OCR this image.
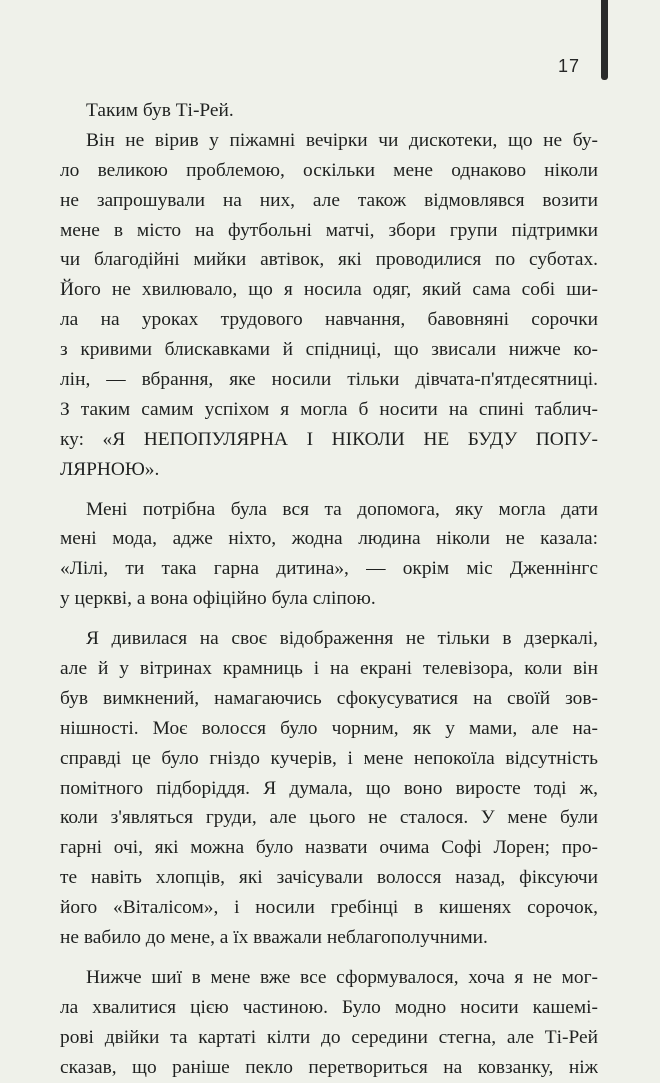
17
Таким був Ті-Рей.
Він не вірив у піжамні вечірки чи дискотеки, що не бу-
ло великою проблемою, оскільки мене однаково ніколи
не запрошували на них, але також відмовлявся возити
мене в місто на футбольні матчі, збори групи підтримки
чи благодійні мийки автівок, які проводилися по суботах.
Його не хвилювало, що я носила одяг, який сама собі ши-
ла на уроках трудового навчання, бавовняні сорочки
з кривими блискавками й спідниці, що звисали нижче ко-
лін, — вбрання, яке носили тільки дівчата-п'ятдесятниці.
З таким самим успіхом я могла б носити на спині таблич-
ку: «Я НЕПОПУЛЯРНА І НІКОЛИ НЕ БУДУ ПОПУ-
ЛЯРНОЮ».
Мені потрібна була вся та допомога, яку могла дати
мені мода, адже ніхто, жодна людина ніколи не казала:
«Лілі, ти така гарна дитина», — окрім міс Дженнінгс
у церкві, а вона офіційно була сліпою.
Я дивилася на своє відображення не тільки в дзеркалі,
але й у вітринах крамниць і на екрані телевізора, коли він
був вимкнений, намагаючись сфокусуватися на своїй зов-
нішності. Моє волосся було чорним, як у мами, але на-
справді це було гніздо кучерів, і мене непокоїла відсутність
помітного підборіддя. Я думала, що воно виросте тоді ж,
коли з'являться груди, але цього не сталося. У мене були
гарні очі, які можна було назвати очима Софі Лорен; про-
те навіть хлопців, які зачісували волосся назад, фіксуючи
його «Віталісом», і носили гребінці в кишенях сорочок,
не вабило до мене, а їх вважали неблагополучними.
Нижче шиї в мене вже все сформувалося, хоча я не мог-
ла хвалитися цією частиною. Було модно носити кашемі-
рові двійки та картаті кілти до середини стегна, але Ті-Рей
сказав, що раніше пекло перетвориться на ковзанку, ніж
